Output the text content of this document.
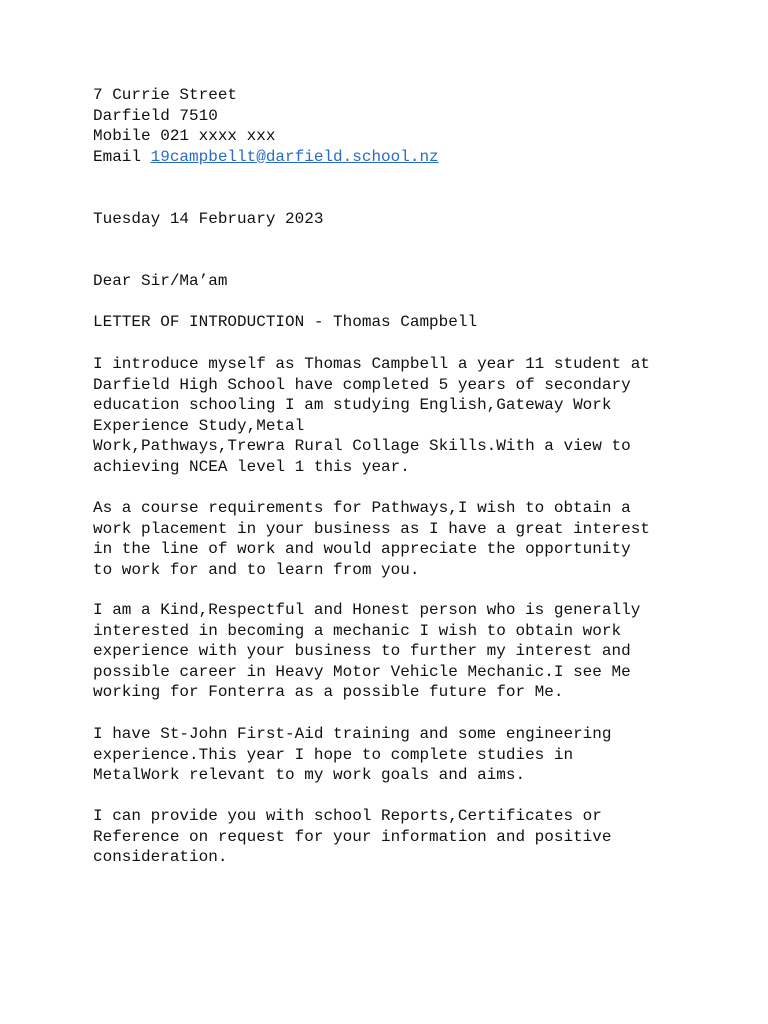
7 Currie Street
Darfield 7510
Mobile 021 xxxx xxx
Email 19campbellt@darfield.school.nz
Tuesday 14 February 2023
Dear Sir/Ma’am
LETTER OF INTRODUCTION - Thomas Campbell
I introduce myself as Thomas Campbell a year 11 student at
Darfield High School have completed 5 years of secondary
education schooling I am studying English,Gateway Work
Experience Study,Metal
Work,Pathways,Trewra Rural Collage Skills.With a view to
achieving NCEA level 1 this year.
As a course requirements for Pathways,I wish to obtain a
work placement in your business as I have a great interest
in the line of work and would appreciate the opportunity
to work for and to learn from you.
I am a Kind,Respectful and Honest person who is generally
interested in becoming a mechanic I wish to obtain work
experience with your business to further my interest and
possible career in Heavy Motor Vehicle Mechanic.I see Me
working for Fonterra as a possible future for Me.
I have St-John First-Aid training and some engineering
experience.This year I hope to complete studies in
MetalWork relevant to my work goals and aims.
I can provide you with school Reports,Certificates or
Reference on request for your information and positive
consideration.
